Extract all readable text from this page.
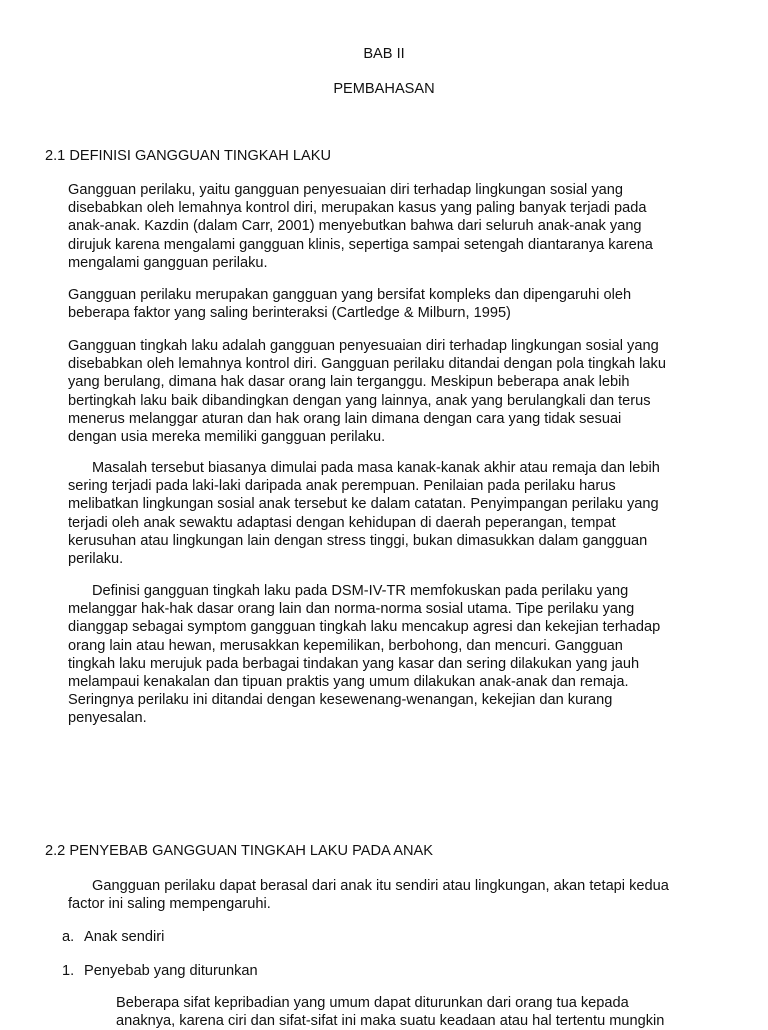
BAB II
PEMBAHASAN
2.1 DEFINISI GANGGUAN TINGKAH LAKU
Gangguan perilaku, yaitu gangguan penyesuaian diri terhadap lingkungan sosial yang
disebabkan oleh lemahnya kontrol diri, merupakan kasus yang paling banyak terjadi pada
anak-anak. Kazdin (dalam Carr, 2001) menyebutkan bahwa dari seluruh anak-anak yang
dirujuk karena mengalami gangguan klinis, sepertiga sampai setengah diantaranya karena
mengalami gangguan perilaku.
Gangguan perilaku merupakan gangguan yang bersifat kompleks dan dipengaruhi oleh
beberapa faktor yang saling berinteraksi (Cartledge & Milburn, 1995)
Gangguan tingkah laku adalah gangguan penyesuaian diri terhadap lingkungan sosial yang
disebabkan oleh lemahnya kontrol diri. Gangguan perilaku ditandai dengan pola tingkah laku
yang berulang, dimana hak dasar orang lain terganggu. Meskipun beberapa anak lebih
bertingkah laku baik dibandingkan dengan yang lainnya, anak yang berulangkali dan terus
menerus melanggar aturan dan hak orang lain dimana dengan cara yang tidak sesuai
dengan usia mereka memiliki gangguan perilaku.
Masalah tersebut biasanya dimulai pada masa kanak-kanak akhir atau remaja dan lebih
sering terjadi pada laki-laki daripada anak perempuan. Penilaian pada perilaku harus
melibatkan lingkungan sosial anak tersebut ke dalam catatan. Penyimpangan perilaku yang
terjadi oleh anak sewaktu adaptasi dengan kehidupan di daerah peperangan, tempat
kerusuhan atau lingkungan lain dengan stress tinggi, bukan dimasukkan dalam gangguan
perilaku.
Definisi gangguan tingkah laku pada DSM-IV-TR memfokuskan pada perilaku yang
melanggar hak-hak dasar orang lain dan norma-norma sosial utama. Tipe perilaku yang
dianggap sebagai symptom gangguan tingkah laku mencakup agresi dan kekejian terhadap
orang lain atau hewan, merusakkan kepemilikan, berbohong, dan mencuri. Gangguan
tingkah laku merujuk pada berbagai tindakan yang kasar dan sering dilakukan yang jauh
melampaui kenakalan dan tipuan praktis yang umum dilakukan anak-anak dan remaja.
Seringnya perilaku ini ditandai dengan kesewenang-wenangan, kekejian dan kurang
penyesalan.
2.2 PENYEBAB GANGGUAN TINGKAH LAKU PADA ANAK
Gangguan perilaku dapat berasal dari anak itu sendiri atau lingkungan, akan tetapi kedua
factor ini saling mempengaruhi.
a. Anak sendiri
1. Penyebab yang diturunkan
Beberapa sifat kepribadian yang umum dapat diturunkan dari orang tua kepada
anaknya, karena ciri dan sifat-sifat ini maka suatu keadaan atau hal tertentu mungkin
